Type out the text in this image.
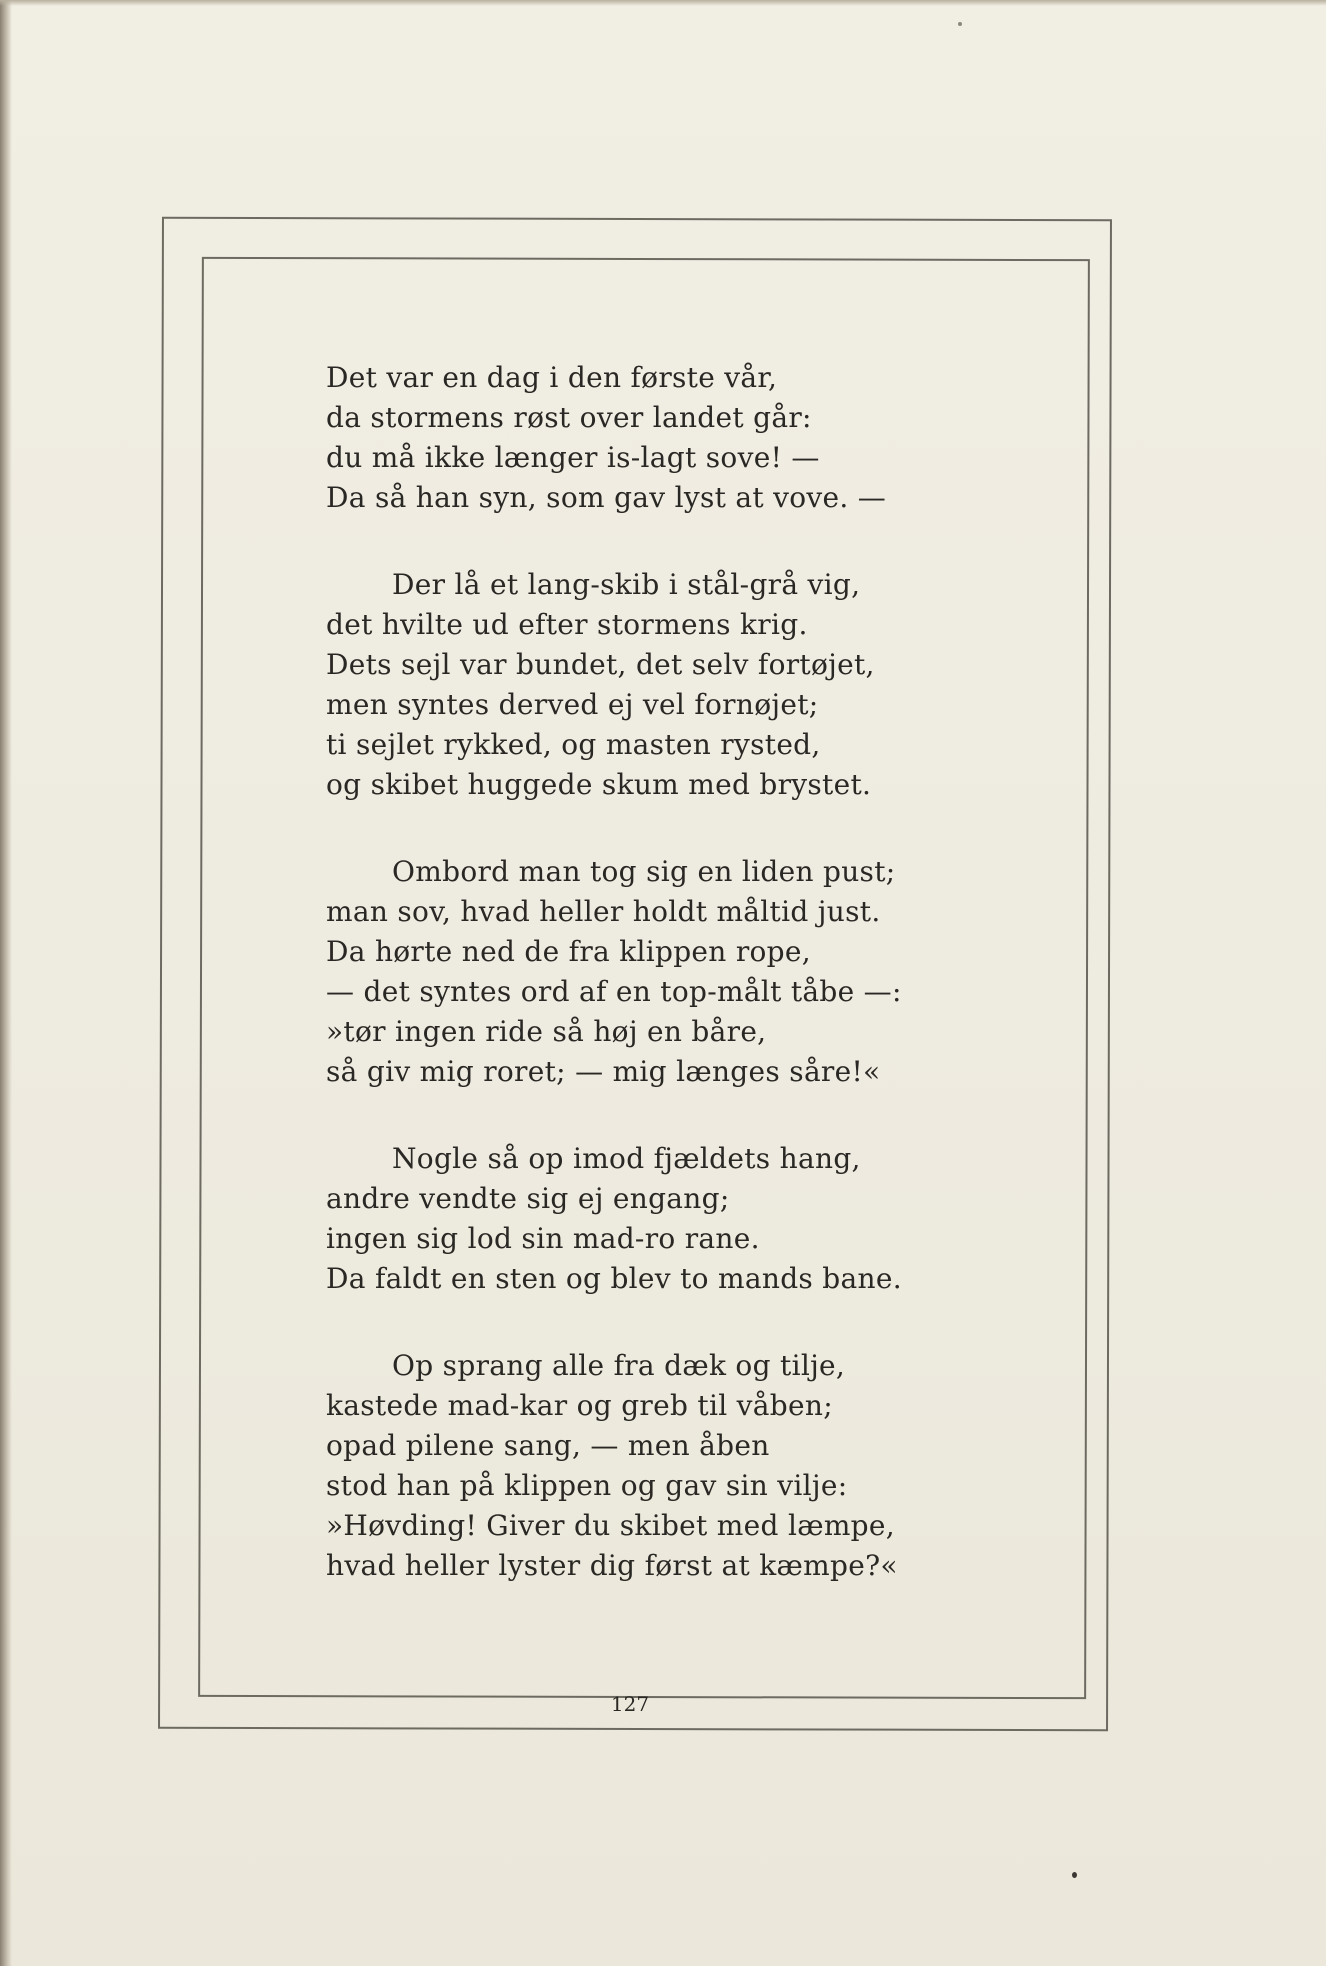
Det var en dag i den første vår,
da stormens røst over landet går:
du må ikke længer is-lagt sove! —
Da så han syn, som gav lyst at vove. —
Der lå et lang-skib i stål-grå vig,
det hvilte ud efter stormens krig.
Dets sejl var bundet, det selv fortøjet,
men syntes derved ej vel fornøjet;
ti sejlet rykked, og masten rysted,
og skibet huggede skum med brystet.
Ombord man tog sig en liden pust;
man sov, hvad heller holdt måltid just.
Da hørte ned de fra klippen rope,
— det syntes ord af en top-målt tåbe —:
»tør ingen ride så høj en båre,
så giv mig roret; — mig længes såre!«
Nogle så op imod fjældets hang,
andre vendte sig ej engang;
ingen sig lod sin mad-ro rane.
Da faldt en sten og blev to mands bane.
Op sprang alle fra dæk og tilje,
kastede mad-kar og greb til våben;
opad pilene sang, — men åben
stod han på klippen og gav sin vilje:
»Høvding! Giver du skibet med læmpe,
hvad heller lyster dig først at kæmpe?«
127
